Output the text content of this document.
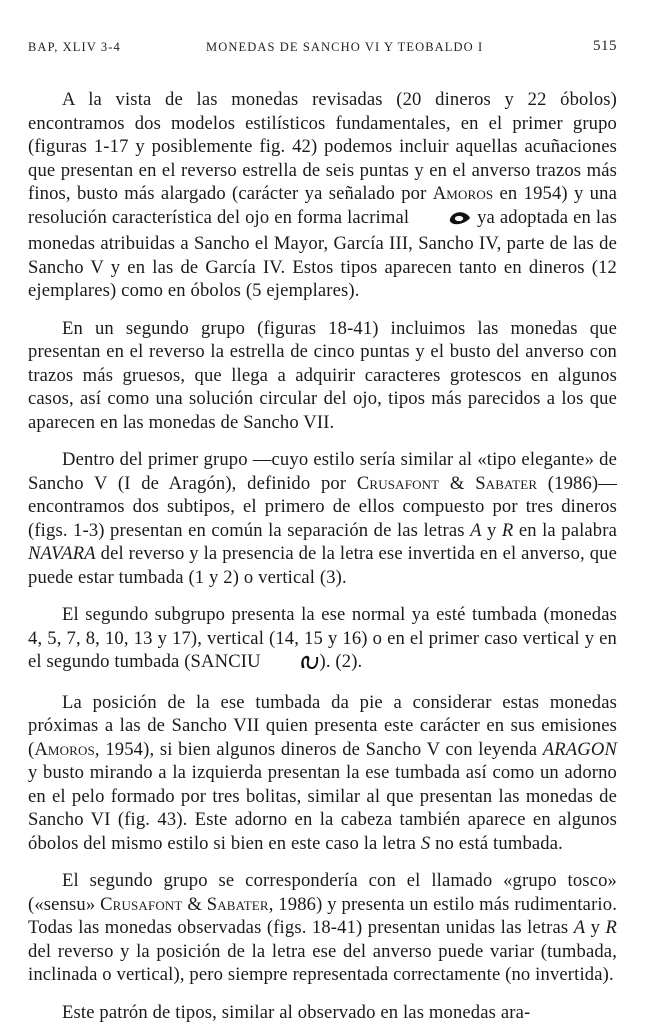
BAP, XLIV 3-4	MONEDAS DE SANCHO VI Y TEOBALDO I	515

A la vista de las monedas revisadas (20 dineros y 22 óbolos) encontramos dos modelos estilísticos fundamentales, en el primer grupo (figuras 1-17 y posiblemente fig. 42) podemos incluir aquellas acuñaciones que presentan en el reverso estrella de seis puntas y en el anverso trazos más finos, busto más alargado (carácter ya señalado por Amoros en 1954) y una resolución característica del ojo en forma lacrimal	ya adoptada en las monedas atribuidas a Sancho el Mayor, García III, Sancho IV, parte de las de Sancho V y en las de García IV. Estos tipos aparecen tanto en dineros (12 ejemplares) como en óbolos (5 ejemplares).

En un segundo grupo (figuras 18-41) incluimos las monedas que presentan en el reverso la estrella de cinco puntas y el busto del anverso con trazos más gruesos, que llega a adquirir caracteres grotescos en algunos casos, así como una solución circular del ojo, tipos más parecidos a los que aparecen en las monedas de Sancho VII.

Dentro del primer grupo —cuyo estilo sería similar al «tipo elegante» de Sancho V (I de Aragón), definido por Crusafont & Sabater (1986)— encontramos dos subtipos, el primero de ellos compuesto por tres dineros (figs. 1-3) presentan en común la separación de las letras A y R en la palabra NAVARA del reverso y la presencia de la letra ese invertida en el anverso, que puede estar tumbada (1 y 2) o vertical (3).

El segundo subgrupo presenta la ese normal ya esté tumbada (monedas 4, 5, 7, 8, 10, 13 y 17), vertical (14, 15 y 16) o en el primer caso vertical y en el segundo tumbada (SANCIU	). (2).

La posición de la ese tumbada da pie a considerar estas monedas próximas a las de Sancho VII quien presenta este carácter en sus emisiones (Amoros, 1954), si bien algunos dineros de Sancho V con leyenda ARAGON y busto mirando a la izquierda presentan la ese tumbada así como un adorno en el pelo formado por tres bolitas, similar al que presentan las monedas de Sancho VI (fig. 43). Este adorno en la cabeza también aparece en algunos óbolos del mismo estilo si bien en este caso la letra S no está tumbada.

El segundo grupo se correspondería con el llamado «grupo tosco» («sensu» Crusafont & Sabater, 1986) y presenta un estilo más rudimentario. Todas las monedas observadas (figs. 18-41) presentan unidas las letras A y R del reverso y la posición de la letra ese del anverso puede variar (tumbada, inclinada o vertical), pero siempre representada correctamente (no invertida).

Este patrón de tipos, similar al observado en las monedas ara-
